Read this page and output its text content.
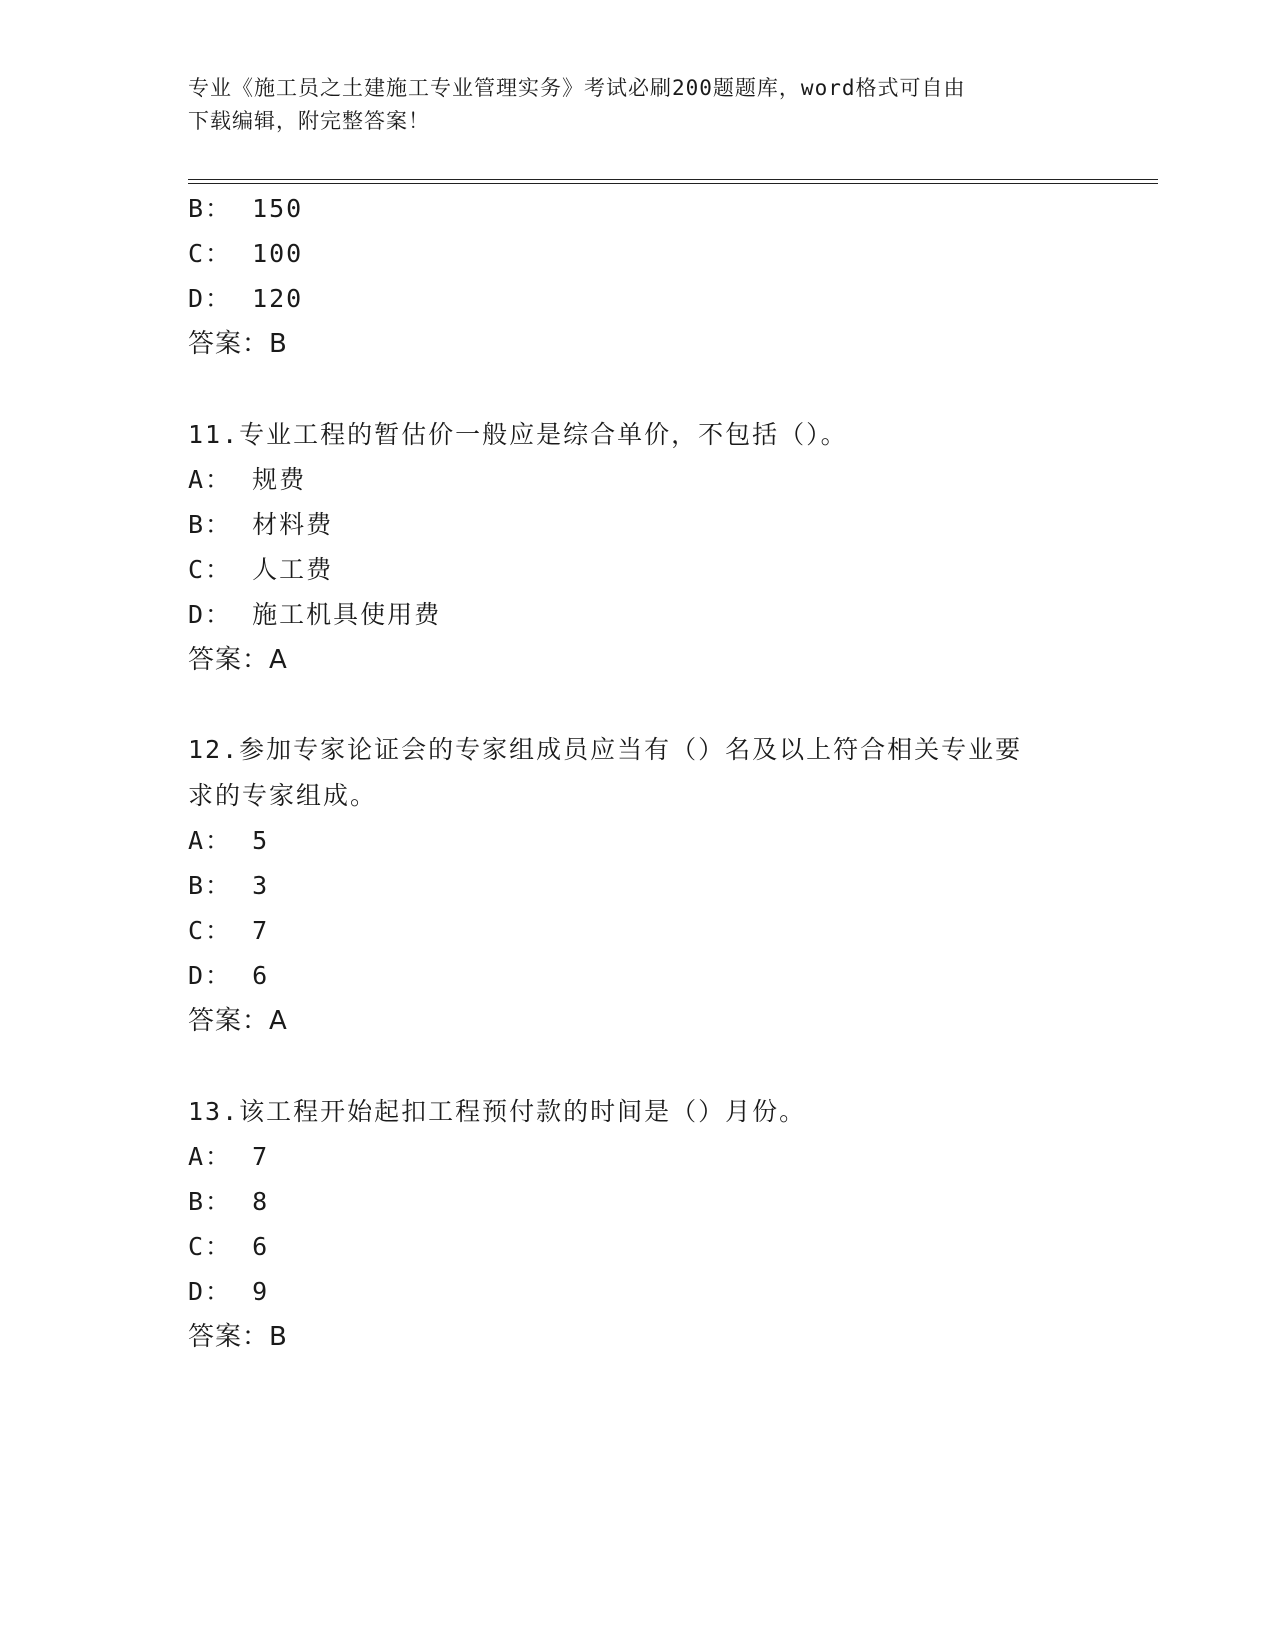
专业《施工员之土建施工专业管理实务》考试必刷200题题库，word格式可自由
下载编辑，附完整答案！
B： 150
C： 100
D： 120
答案：B
11.专业工程的暂估价一般应是综合单价，不包括（）。
A： 规费
B： 材料费
C： 人工费
D： 施工机具使用费
答案：A
12.参加专家论证会的专家组成员应当有（）名及以上符合相关专业要
求的专家组成。
A： 5
B： 3
C： 7
D： 6
答案：A
13.该工程开始起扣工程预付款的时间是（）月份。
A： 7
B： 8
C： 6
D： 9
答案：B
